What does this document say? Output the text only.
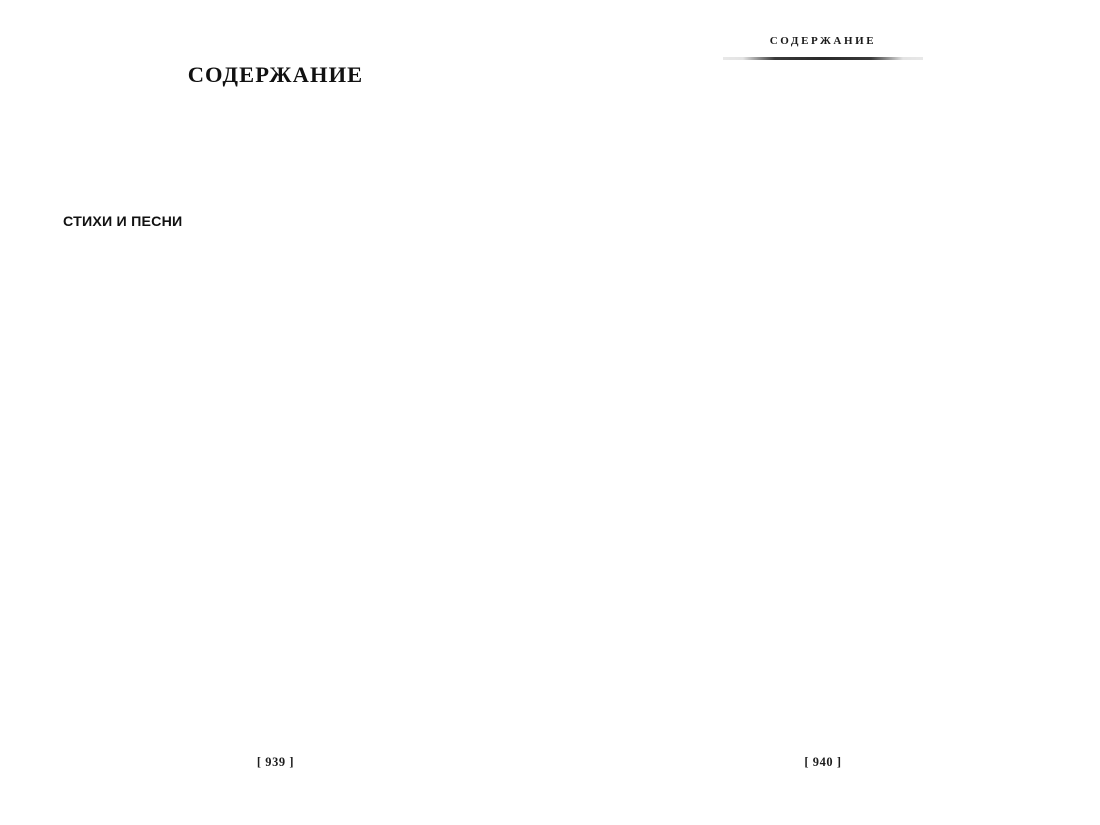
СОДЕРЖАНИЕ
СТИХИ И ПЕСНИ
[ 939 ]
СОДЕРЖАНИЕ
[ 940 ]
